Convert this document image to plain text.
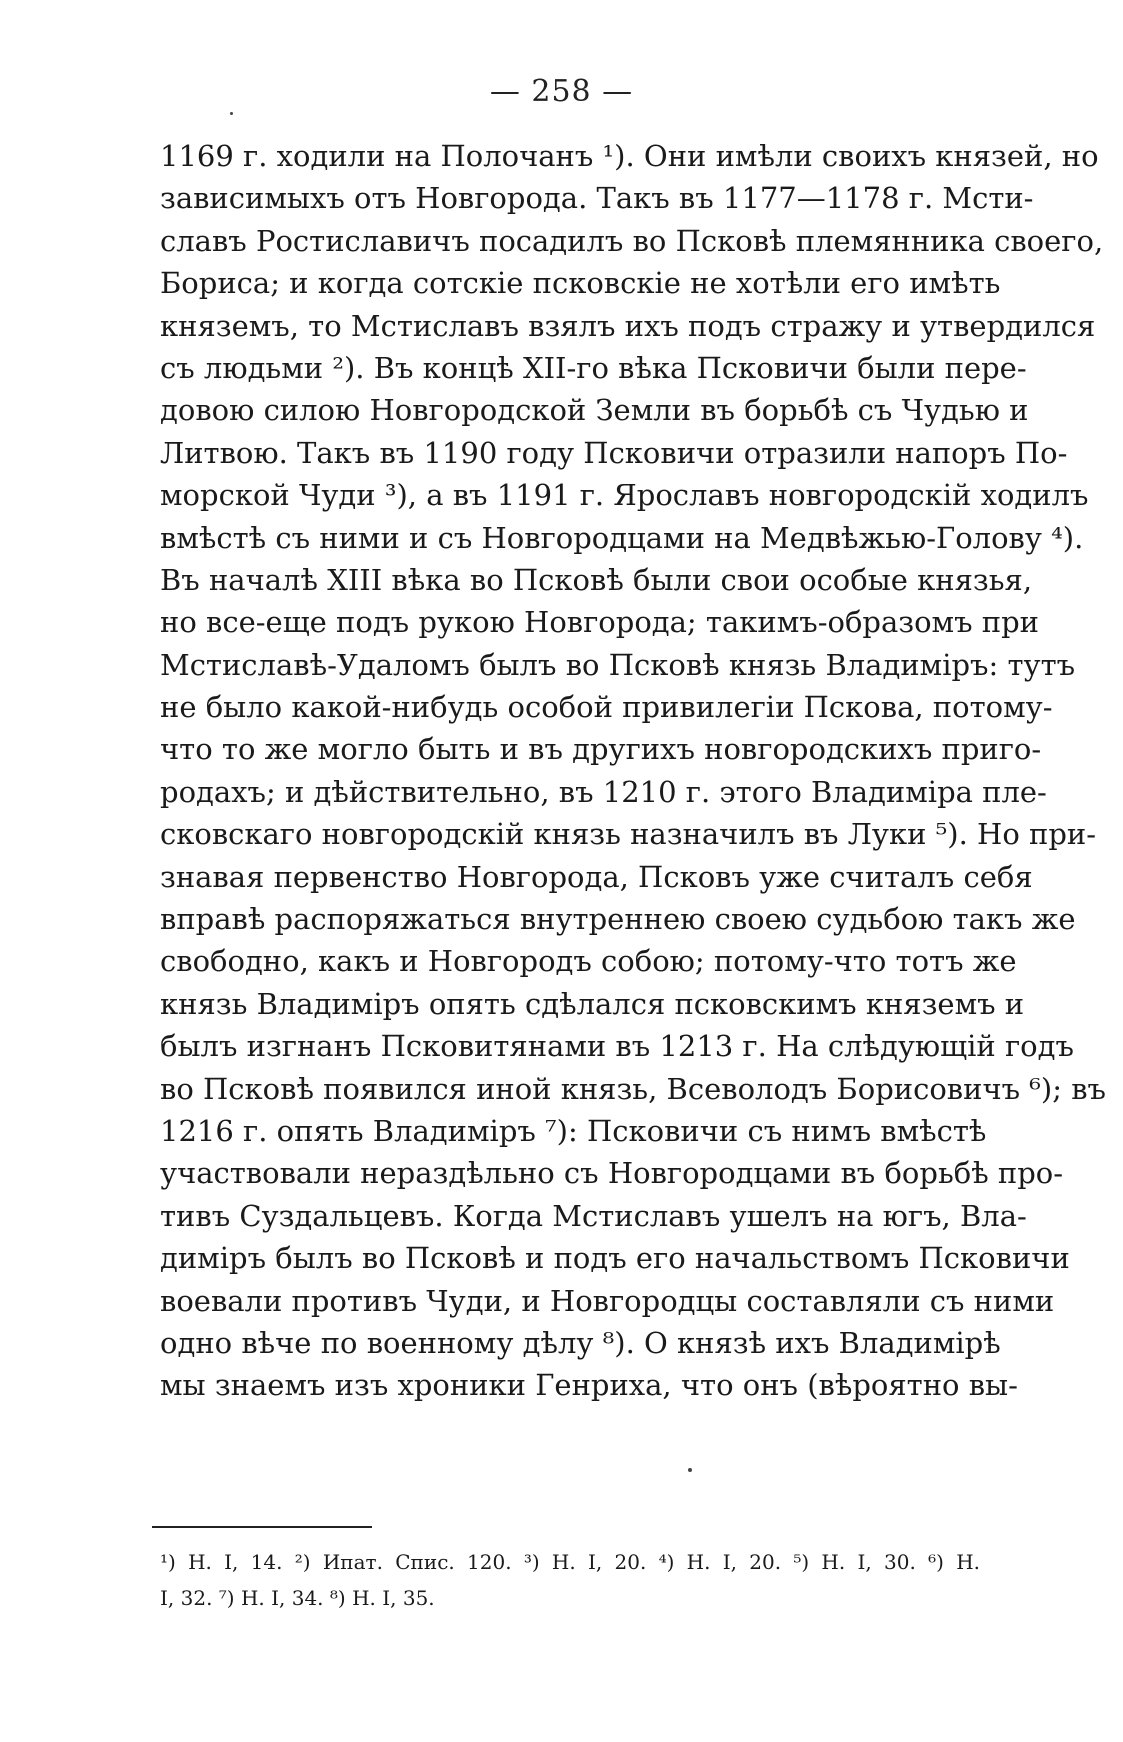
— 258 —
1169 г. ходили на Полочанъ ¹). Они имѣли своихъ князей, но
зависимыхъ отъ Новгорода. Такъ въ 1177—1178 г. Мсти-
славъ Ростиславичъ посадилъ во Псковѣ племянника своего,
Бориса; и когда сотскіе псковскіе не хотѣли его имѣть
княземъ, то Мстиславъ взялъ ихъ подъ стражу и утвердился
съ людьми ²). Въ концѣ XII-го вѣка Псковичи были пере-
довою силою Новгородской Земли въ борьбѣ съ Чудью и
Литвою. Такъ въ 1190 году Псковичи отразили напоръ По-
морской Чуди ³), а въ 1191 г. Ярославъ новгородскій ходилъ
вмѣстѣ съ ними и съ Новгородцами на Медвѣжью-Голову ⁴).
Въ началѣ XIII вѣка во Псковѣ были свои особые князья,
но все-еще подъ рукою Новгорода; такимъ-образомъ при
Мстиславѣ-Удаломъ былъ во Псковѣ князь Владиміръ: тутъ
не было какой-нибудь особой привилегіи Пскова, потому-
что то же могло быть и въ другихъ новгородскихъ приго-
родахъ; и дѣйствительно, въ 1210 г. этого Владиміра пле-
сковскаго новгородскій князь назначилъ въ Луки ⁵). Но при-
знавая первенство Новгорода, Псковъ уже считалъ себя
вправѣ распоряжаться внутреннею своею судьбою такъ же
свободно, какъ и Новгородъ собою; потому-что тотъ же
князь Владиміръ опять сдѣлался псковскимъ княземъ и
былъ изгнанъ Псковитянами въ 1213 г. На слѣдующій годъ
во Псковѣ появился иной князь, Всеволодъ Борисовичъ ⁶); въ
1216 г. опять Владиміръ ⁷): Псковичи съ нимъ вмѣстѣ
участвовали нераздѣльно съ Новгородцами въ борьбѣ про-
тивъ Суздальцевъ. Когда Мстиславъ ушелъ на югъ, Вла-
диміръ былъ во Псковѣ и подъ его начальствомъ Псковичи
воевали противъ Чуди, и Новгородцы составляли съ ними
одно вѣче по военному дѣлу ⁸). О князѣ ихъ Владимірѣ
мы знаемъ изъ хроники Генриха, что онъ (вѣроятно вы-
¹) Н. I, 14. ²) Ипат. Спис. 120. ³) Н. I, 20. ⁴) Н. I, 20. ⁵) Н. I, 30. ⁶) Н.
I, 32. ⁷) Н. I, 34. ⁸) Н. I, 35.
